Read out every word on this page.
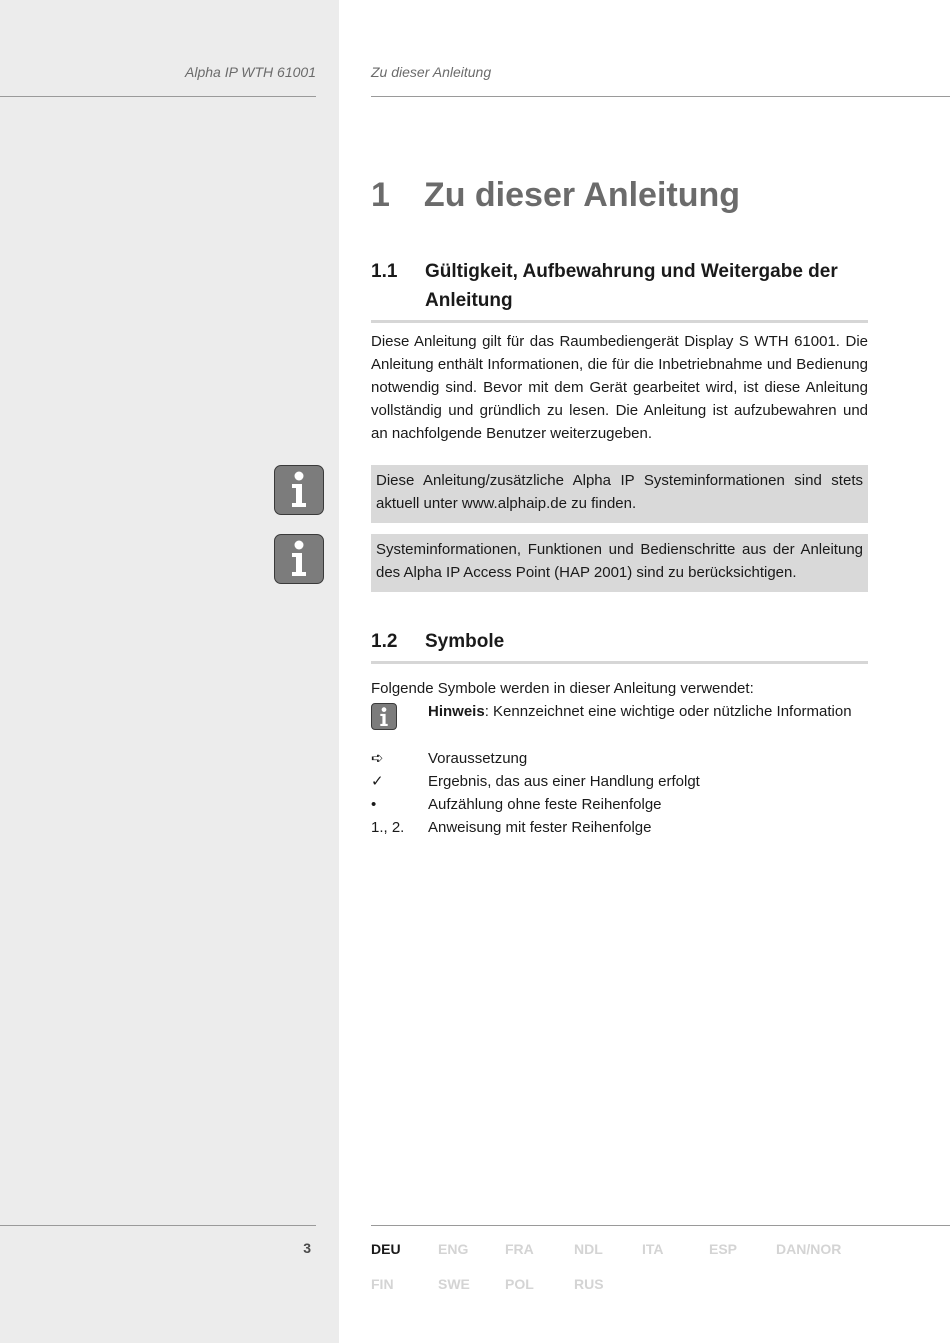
Alpha IP WTH 61001	Zu dieser Anleitung
1 Zu dieser Anleitung
1.1	Gültigkeit, Aufbewahrung und Weitergabe der Anleitung
Diese Anleitung gilt für das Raumbediengerät Display S WTH 61001. Die Anleitung enthält Informationen, die für die Inbetriebnahme und Bedienung notwendig sind. Bevor mit dem Gerät gearbeitet wird, ist diese Anleitung vollständig und gründlich zu lesen. Die Anleitung ist aufzubewahren und an nachfolgende Benutzer weiterzugeben.
Diese Anleitung/zusätzliche Alpha IP Systeminformationen sind stets aktuell unter www.alphaip.de zu finden.
Systeminformationen, Funktionen und Bedienschritte aus der Anleitung des Alpha IP Access Point (HAP 2001) sind zu berücksichtigen.
1.2	Symbole
Folgende Symbole werden in dieser Anleitung verwendet:
Hinweis: Kennzeichnet eine wichtige oder nützliche Information
➪	Voraussetzung
✓	Ergebnis, das aus einer Handlung erfolgt
•	Aufzählung ohne feste Reihenfolge
1., 2.	Anweisung mit fester Reihenfolge
3	DEU	ENG	FRA	NDL	ITA	ESP	DAN/NOR
FIN	SWE	POL	RUS
